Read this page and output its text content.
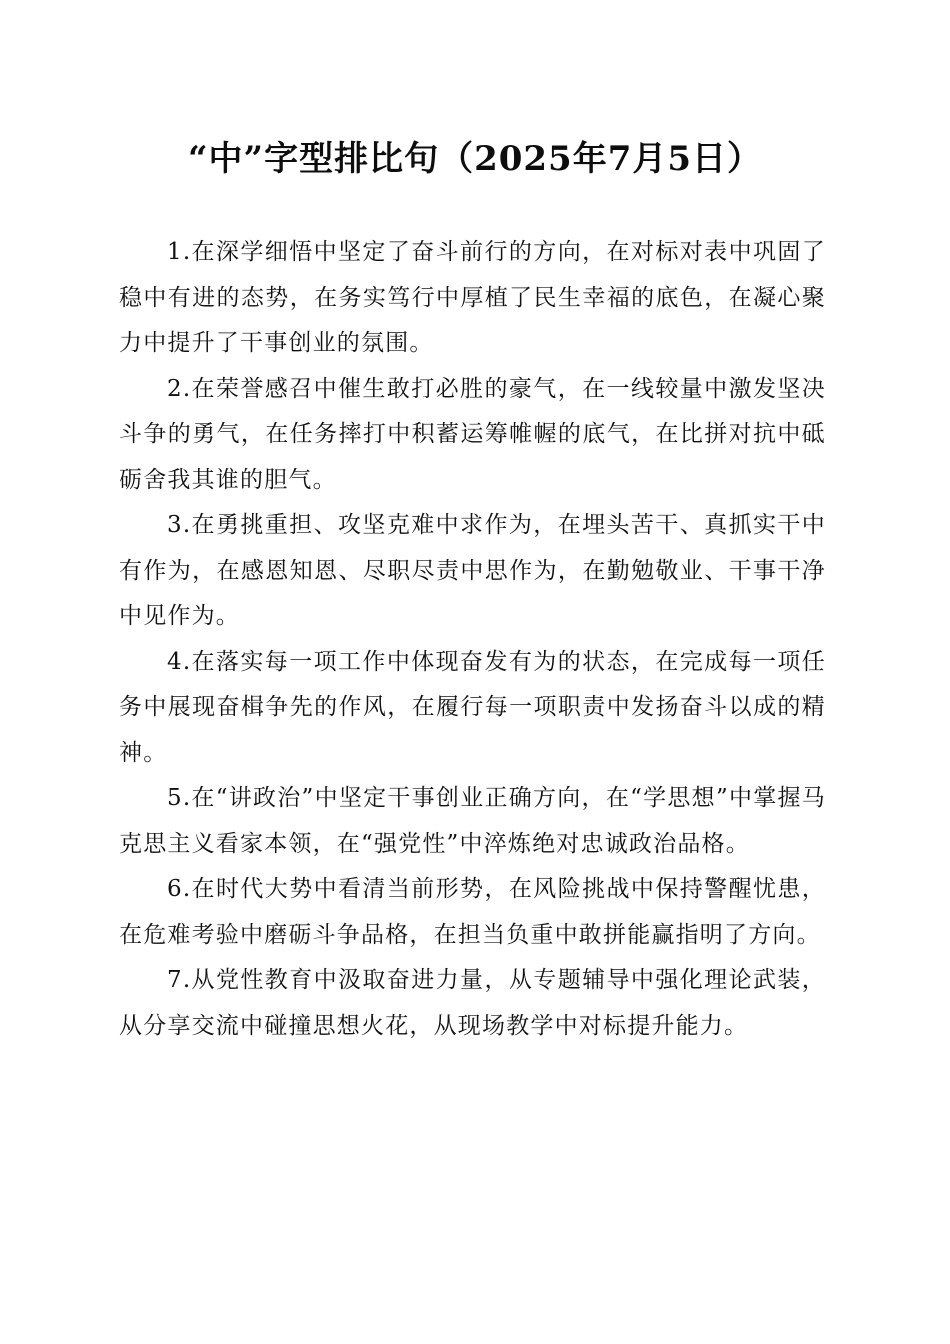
“中”字型排比句（2025年7月5日）

1.在深学细悟中坚定了奋斗前行的方向，在对标对表中巩固了稳中有进的态势，在务实笃行中厚植了民生幸福的底色，在凝心聚力中提升了干事创业的氛围。

2.在荣誉感召中催生敢打必胜的豪气，在一线较量中激发坚决斗争的勇气，在任务摔打中积蓄运筹帷幄的底气，在比拼对抗中砥砺舍我其谁的胆气。

3.在勇挑重担、攻坚克难中求作为，在埋头苦干、真抓实干中有作为，在感恩知恩、尽职尽责中思作为，在勤勉敬业、干事干净中见作为。

4.在落实每一项工作中体现奋发有为的状态，在完成每一项任务中展现奋楫争先的作风，在履行每一项职责中发扬奋斗以成的精神。

5.在“讲政治”中坚定干事创业正确方向，在“学思想”中掌握马克思主义看家本领，在“强党性”中淬炼绝对忠诚政治品格。

6.在时代大势中看清当前形势，在风险挑战中保持警醒忧患，在危难考验中磨砺斗争品格，在担当负重中敢拼能赢指明了方向。

7.从党性教育中汲取奋进力量，从专题辅导中强化理论武装，从分享交流中碰撞思想火花，从现场教学中对标提升能力。
